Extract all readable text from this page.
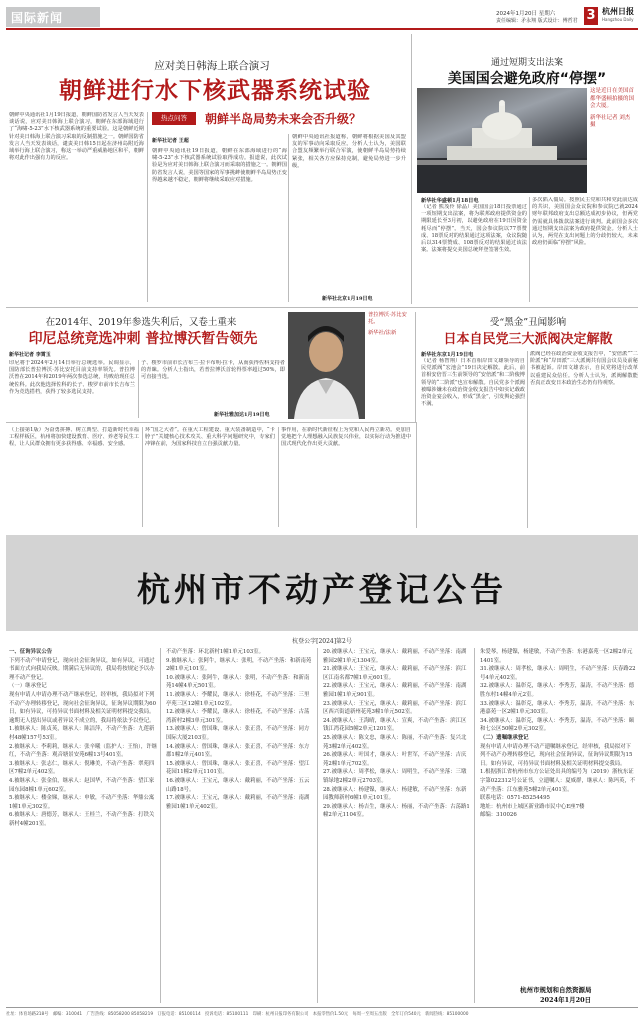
国际新闻	2024年1月20日 星期六
责任编辑：矛永翔 版式设计：傅哲君 3 杭州日报
Hangzhou Daily
应对美日韩海上联合演习
朝鲜进行水下核武器系统试验
热点问答	朝鲜半岛局势未来会否升级？
新华社记者 王超
朝鲜中央通讯社1月19日报道，朝鲜国防省发言人当天发表谈话说，应对美日韩海上联合演习，朝鲜在东部海域进行了“海啸-5-23”水下核武器系统的重要试验。这是朝鲜近期针对美日韩海上联合演习采取的反制措施之一。朝鲜国防省发言人当天发表谈话，谴责美日韩15日起在济州岛附近海域举行海上联合演习，称这一举动严重威胁地区和平，朝鲜将对此作出强有力的反应。
朝鲜中央通讯社19日报道，朝鲜在东部海域进行的“海啸-5-23”水下核武器系统试验取得成功。报道说，此次试验是为应对美日韩海上联合演习而采取的措施之一。朝鲜国防省发言人说，美国等国家的军事挑衅使朝鲜半岛局势正变得越来越不稳定，朝鲜将继续采取应对措施。
朝鲜中央通讯社报道称，朝鲜将根据美国及其盟友的军事动向采取反应。分析人士认为，美国联合盟友频繁举行联合军演，使朝鲜半岛局势持续紧张，相关各方应保持克制，避免局势进一步升级。
新华社北京1月19日电
通过短期支出法案
美国国会避免政府“停摆”
这是近日在美国首都华盛顿拍摄的国会大厦。
新华社记者 刘杰 摄
新华社华盛顿1月18日电
（记者 熊茂伶 徐晶）美国国会18日投票通过一项短期支出法案，将为联邦政府提供资金的期限延长至3月初，以避免政府在19日因资金耗尽而“停摆”。当天，国会参议院以77票赞成、18票反对的结果通过这项法案，众议院随后以314票赞成、108票反对的结果通过该法案。法案将提交美国总统拜登签署生效。
多次陷入僵局。按照民主党和共和党此前达成的共识，美国国会众议院和参议院已就2024财年联邦政府支出总额达成初步协议，但两党仍需就具体拨款法案进行谈判。此前国会多次通过短期支出法案为政府提供资金。分析人士认为，两党在支出问题上的分歧仍较大，未来政府仍面临“停摆”风险。
在2014年、2019年参选失利后，又卷土重来
印尼总统竞选冲刺 普拉博沃暂告领先
新华社记者 李霄玉
印尼将于2024年2月14日举行总统选举。民调显示，国防部长普拉博沃·苏比安托目前支持率领先。普拉博沃曾在2014年和2019年两次参选总统，均败给现任总统佐科。此次他选择佐科的长子、梭罗市前市长吉布兰作为竞选搭档，获得了较多选民支持。
子、梭罗市前市长吉布兰·拉卡布明·拉卡，从而获得佐科支持者的青睐。分析人士指出，若普拉博沃首轮得票率超过50%，即可直接当选。
新华社雅加达1月19日电
普拉博沃·苏比安托。
新华社/法新
受“黑金”丑闻影响
日本自民党三大派阀决定解散
新华社东京1月19日电
（记者 杨智翔）日本首相岸田文雄领导的自民党派阀“宏池会”19日决定解散。此后，前首相安倍晋三生前领导的“安倍派”和二阶俊博领导的“二阶派”也宣布解散。自民党多个派阀被曝涉嫌未在政治资金收支报告中如实记载政治资金宴会收入，形成“黑金”，引发舆论强烈不满。
派阀已经在政治资金收支报告中，“安倍派”“二阶派”和“岸田派”三大派阀共有国会议员及前秘书被起诉。岸田文雄表示，自民党将进行改革以重建民众信任。分析人士认为，派阀解散能否真正改变日本政治生态仍有待观察。
（上接第1版）为奋勇拼搏、树立典型、打造新时代幸福工程样板区，杭州将加快建设教育、医疗、养老等民生工程，让人民群众拥有更多获得感、幸福感、安全感。
环“国之大者”。在重大工程建设、重大装备制造中，“卡脖子”关键核心技术攻关、重大科学问题研究中，专家们冲锋在前，为国家科技自立自强贡献力量。
事作用，在新时代新征程上为党和人民再立新功。更加自觉地把个人理想融入民族复兴伟业，以实际行动为推进中国式现代化作出更大贡献。
杭州市不动产登记公告
杭登公字[2024]第2号

一、征询异议公告

下列不动产申请登记，现向社会征询异议，如有异议，可通过书面方式向我局反映。期满后无异议的，我局将按规定予以办理不动产登记。

（一）继承登记

现有申请人申请办理不动产继承登记，经审核，我局拟对下列不动产办理转移登记，现向社会征询异议，征询异议期限为60日，如有异议，可持异议书面材料及相关证明材料提交我局。逾期无人提出异议或者异议不成立的，我局将依法予以登记。

1.被继承人：陈贞英，继承人：陈洁萍，不动产坐落：九莲新村48幢157号53室。

2.被继承人：李莉莉，继承人：张辛曦（监护人：王怡），许继红，不动产坐落：观音塘景安苑6幢13号401室。

3.被继承人：张志仁，继承人：倪琳美，不动产坐落：翠苑四区7幢2单元402室。

4.被继承人：张金伯，继承人：赵国华，不动产坐落：望江家园东园8幢1单元602室。

5.被继承人：楼金娣，继承人：申敏，不动产坐落：华鼎公寓1幢1单元302室。

6.被继承人：唐德芳，继承人：王桂兰，不动产坐落：打铁关新村4幢201室。

不动产坐落：环北新村1幢1单元103室。

9.被继承人：张阿牛，继承人：张明，不动产坐落：和新南苑2幢1单元101室。

10.被继承人：张阿牛，继承人：张明，不动产坐落：和新南苑14幢4单元501室。

11.被继承人：李耀民，继承人：徐桂花，不动产坐落：三里亭苑三区12幢1单元102室。

12.被继承人：李耀民，继承人：徐桂花，不动产坐落：古荡湾新村2幢3单元301室。

13.被继承人：曾国珠，继承人：张正喜，不动产坐落：同方国际大厦2103室。

14.被继承人：曾国珠，继承人：张正喜，不动产坐落：东方郡1幢2单元401室。

15.被继承人：曾国珠，继承人：张正喜，不动产坐落：望江花园11幢2单元1101室。

16.被继承人：王宝元，继承人：戴莉丽，不动产坐落：五云山路18号。

17.被继承人：王宝元，继承人：戴莉丽，不动产坐落：南湖雅园1幢1单元402室。

20.被继承人：王宝元，继承人：戴莉丽，不动产坐落：南湖雅园2幢1单元1304室。

21.被继承人：王宝元，继承人：戴莉丽，不动产坐落：滨江区江南名都7幢1单元601室。

22.被继承人：王宝元，继承人：戴莉丽，不动产坐落：南湖雅园1幢1单元901室。

23.被继承人：王宝元，继承人：戴莉丽，不动产坐落：滨江区西兴街道新州花苑3幢1单元502室。

24.被继承人：王海晴，继承人：宣爽，不动产坐落：滨江区钱江湾花园5幢2单元1201室。

25.被继承人：陈文忠，继承人：陈丽，不动产坐落：复兴北苑3幢2单元402室。

26.被继承人：叶国才，继承人：叶世军，不动产坐落：吉庆苑2幢1单元702室。

27.被继承人：周孝松，继承人：周明生，不动产坐落：三墩镇绿地2幢2单元2703室。

28.被继承人：杨建镍，继承人：杨建敏，不动产坐落：东新园教师新村6幢1单元101室。

29.被继承人：杨吉生，继承人：杨丽，不动产坐落：古荡路1幢2单元1104室。

朱爱琴，杨建镍，杨建敏，不动产坐落：东港嘉苑一区2幢2单元1401室。

31.被继承人：周孝松，继承人：周明生，不动产坐落：庆春路22号4单元402室。

32.被继承人：温彰克，继承人：李秀芳，温涛，不动产坐落：德胜东村14幢4单元2室。

33.被继承人：温彰克，继承人：李秀芳，温涛，不动产坐落：东港嘉苑一区2幢1单元303室。

34.被继承人：温彰克，继承人：李秀芳，温涛，不动产坐落：颐和七公区50幢2单元302室。

（二）遗嘱继承登记

现有申请人申请办理不动产遗嘱继承登记，经审核，我局拟对下列不动产办理转移登记，现向社会征询异议，征询异议期限为15日。如有异议，可持异议书面材料及相关证明材料提交我局。

1.根据浙江省杭州市东方公证处出具的编号为（2019）浙杭东证字第022312号公证书，立遗嘱人：夏威群，继承人：陈玛英，不动产坐落：江东雅苑5幢2单元401室。

联系电话：0571-85254495

地址：杭州市上城区新业路市民中心E座7楼

邮编：310026

杭州市规划和自然资源局
2024年1月20日
社址：体育场路218号　邮编：310041　广告热线：85058200 85058219　订报电话：85100114　投诉电话：85100111　印刷：杭州日报印务有限公司　本报零售价1.50元　每周一至周五出版　全年订价540元　新闻热线：85100000
